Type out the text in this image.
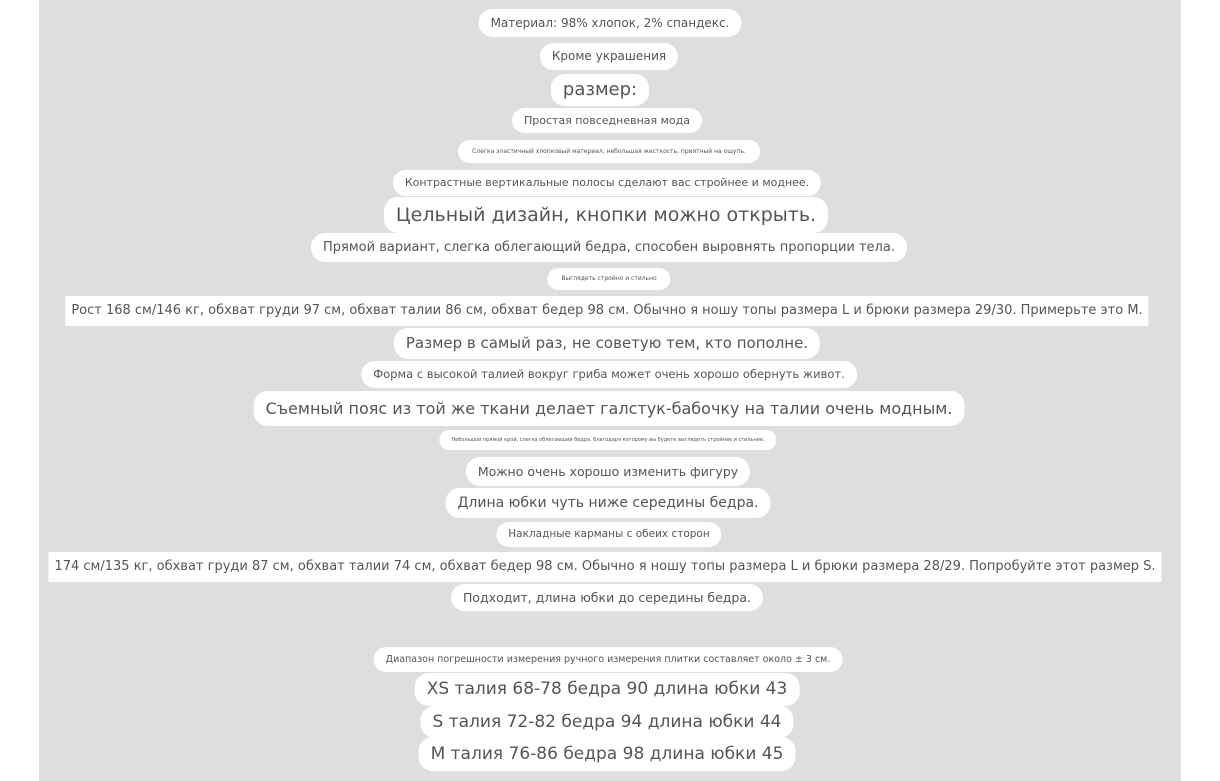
Материал: 98% хлопок, 2% спандекс.
Кроме украшения
размер:
Простая повседневная мода
Слегка эластичный хлопковый материал, небольшая жесткость, приятный на ощупь.
Контрастные вертикальные полосы сделают вас стройнее и моднее.
Цельный дизайн, кнопки можно открыть.
Прямой вариант, слегка облегающий бедра, способен выровнять пропорции тела.
Выглядеть стройно и стильно
Рост 168 см/146 кг, обхват груди 97 см, обхват талии 86 см, обхват бедер 98 см. Обычно я ношу топы размера L и брюки размера 29/30. Примерьте это M.
Размер в самый раз, не советую тем, кто пополне.
Форма с высокой талией вокруг гриба может очень хорошо обернуть живот.
Съемный пояс из той же ткани делает галстук-бабочку на талии очень модным.
Небольшой прямой крой, слегка облегающий бедра, благодаря которому вы будете выглядеть стройнее и стильнее.
Можно очень хорошо изменить фигуру
Длина юбки чуть ниже середины бедра.
Накладные карманы с обеих сторон
174 см/135 кг, обхват груди 87 см, обхват талии 74 см, обхват бедер 98 см. Обычно я ношу топы размера L и брюки размера 28/29. Попробуйте этот размер S.
Подходит, длина юбки до середины бедра.
Диапазон погрешности измерения ручного измерения плитки составляет около ± 3 см.
XS талия 68-78 бедра 90 длина юбки 43
S талия 72-82 бедра 94 длина юбки 44
M талия 76-86 бедра 98 длина юбки 45
